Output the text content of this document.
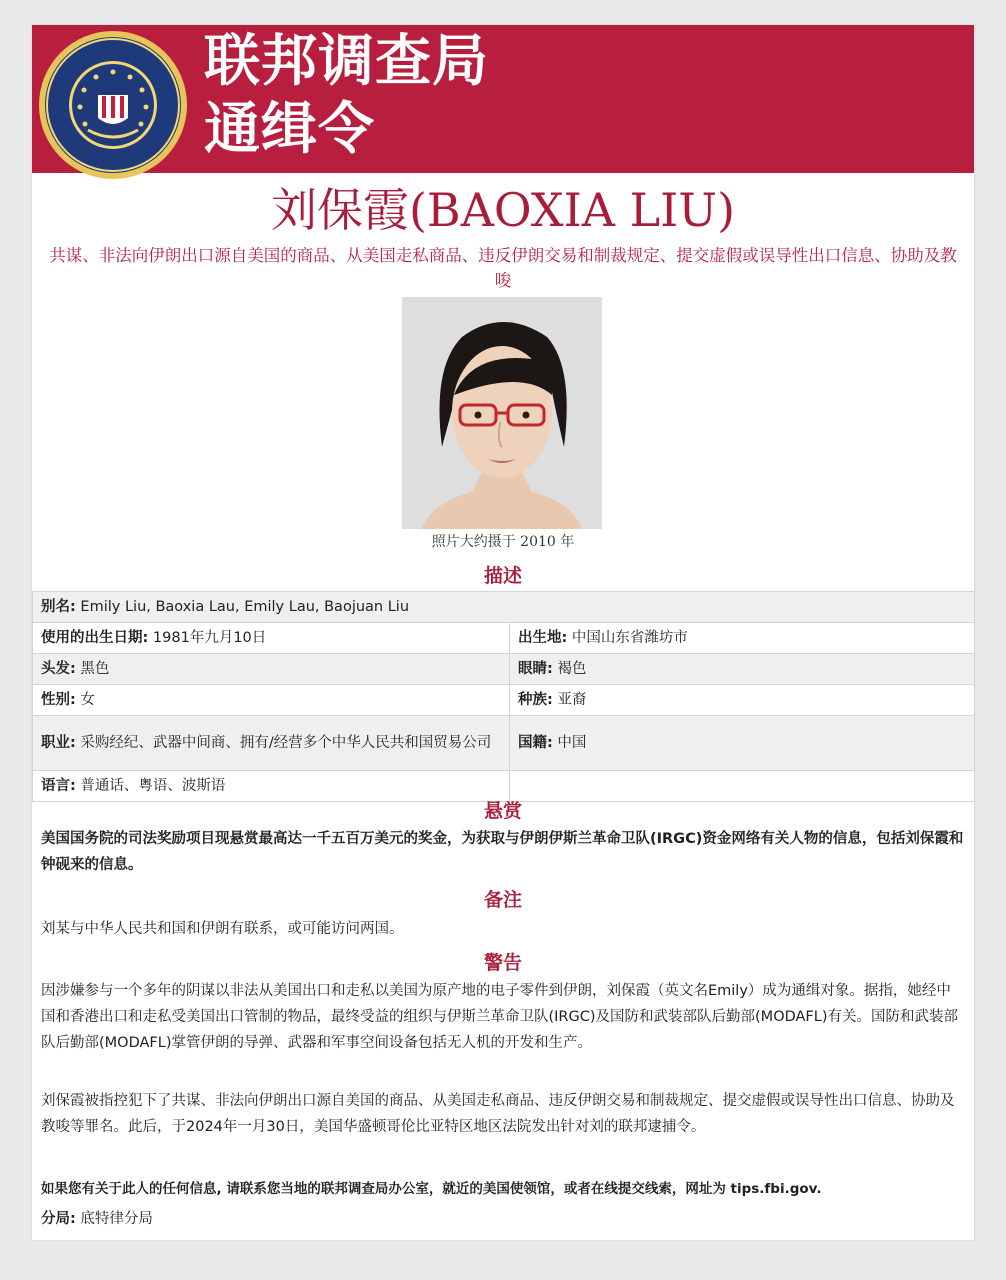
联邦调查局
通缉令
刘保霞(BAOXIA LIU)
共谋、非法向伊朗出口源自美国的商品、从美国走私商品、违反伊朗交易和制裁规定、提交虚假或误导性出口信息、协助及教唆
照片大约摄于 2010 年
描述
别名: Emily Liu, Baoxia Lau, Emily Lau, Baojuan Liu	
使用的出生日期: 1981年九月10日	出生地: 中国山东省潍坊市
头发: 黑色	眼睛: 褐色
性别: 女	种族: 亚裔
职业: 采购经纪、武器中间商、拥有/经营多个中华人民共和国贸易公司	国籍: 中国
语言: 普通话、粤语、波斯语	
悬赏
美国国务院的司法奖励项目现悬赏最高达一千五百万美元的奖金，为获取与伊朗伊斯兰革命卫队(IRGC)资金网络有关人物的信息，包括刘保霞和钟砚来的信息。
备注
刘某与中华人民共和国和伊朗有联系，或可能访问两国。
警告
因涉嫌参与一个多年的阴谋以非法从美国出口和走私以美国为原产地的电子零件到伊朗，刘保霞（英文名Emily）成为通缉对象。据指，她经中国和香港出口和走私受美国出口管制的物品，最终受益的组织与伊斯兰革命卫队(IRGC)及国防和武装部队后勤部(MODAFL)有关。国防和武装部队后勤部(MODAFL)掌管伊朗的导弹、武器和军事空间设备包括无人机的开发和生产。
刘保霞被指控犯下了共谋、非法向伊朗出口源自美国的商品、从美国走私商品、违反伊朗交易和制裁规定、提交虚假或误导性出口信息、协助及教唆等罪名。此后，于2024年一月30日，美国华盛顿哥伦比亚特区地区法院发出针对刘的联邦逮捕令。
如果您有关于此人的任何信息, 请联系您当地的联邦调查局办公室，就近的美国使领馆，或者在线提交线索，网址为 tips.fbi.gov.
分局: 底特律分局
